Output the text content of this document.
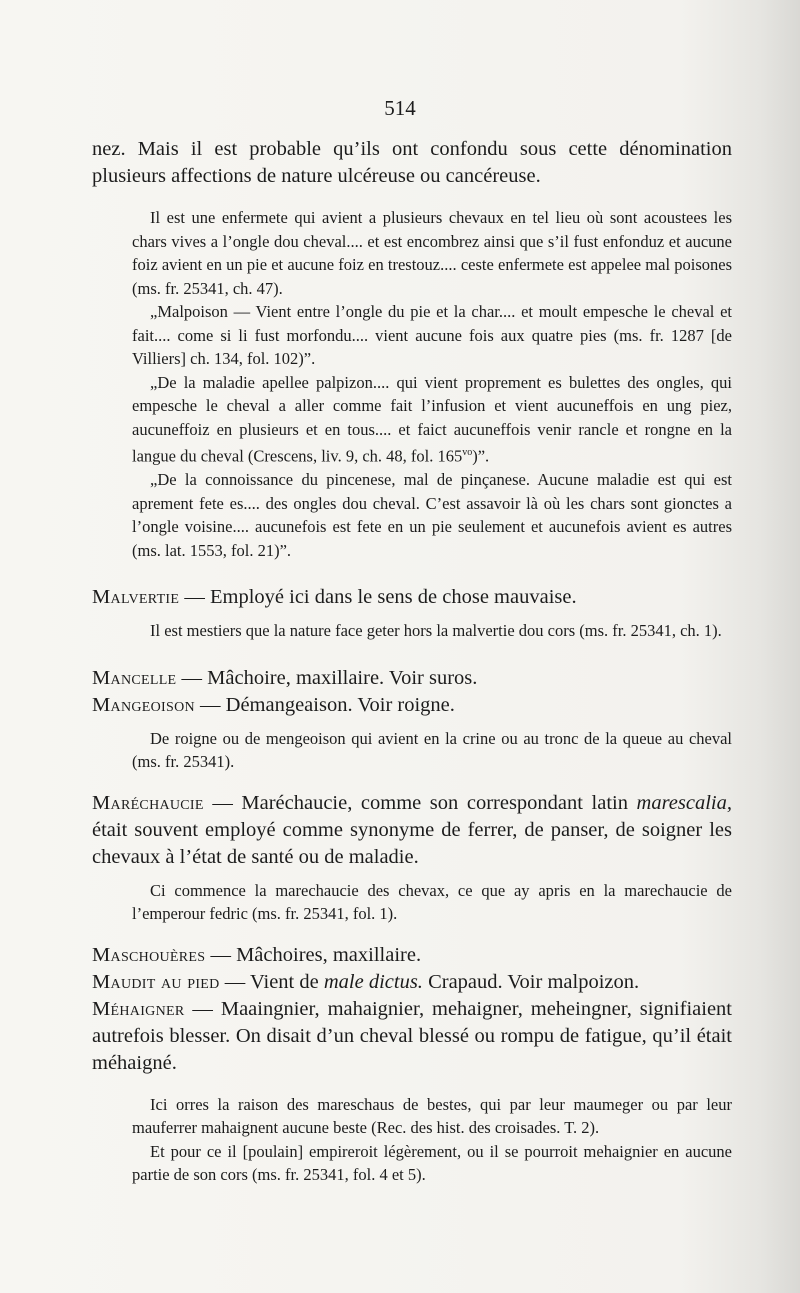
514

nez. Mais il est probable qu’ils ont confondu sous cette dénomination plusieurs affections de nature ulcéreuse ou cancéreuse.

Il est une enfermete qui avient a plusieurs chevaux en tel lieu où sont acoustees les chars vives a l’ongle dou cheval.... et est encombrez ainsi que s’il fust enfonduz et aucune foiz avient en un pie et aucune foiz en trestouz.... ceste enfermete est appelee mal poisones (ms. fr. 25341, ch. 47).

„Malpoison — Vient entre l’ongle du pie et la char.... et moult empesche le cheval et fait.... come si li fust morfondu.... vient aucune fois aux quatre pies (ms. fr. 1287 [de Villiers] ch. 134, fol. 102)”.

„De la maladie apellee palpizon.... qui vient proprement es bulettes des ongles, qui empesche le cheval a aller comme fait l’infusion et vient aucuneffois en ung piez, aucuneffoiz en plusieurs et en tous.... et faict aucuneffois venir rancle et rongne en la langue du cheval (Crescens, liv. 9, ch. 48, fol. $165^{vo}$)”.

„De la connoissance du pincenese, mal de pinçanese. Aucune maladie est qui est aprement fete es.... des ongles dou cheval. C’est assavoir là où les chars sont gionctes a l’ongle voisine.... aucunefois est fete en un pie seulement et aucunefois avient es autres (ms. lat. 1553, fol. 21)”.

Malvertie — Employé ici dans le sens de chose mauvaise.

Il est mestiers que la nature face geter hors la malvertie dou cors (ms. fr. 25341, ch. 1).

Mancelle — Mâchoire, maxillaire. Voir suros.

Mangeoison — Démangeaison. Voir roigne.

De roigne ou de mengeoison qui avient en la crine ou au tronc de la queue au cheval (ms. fr. 25341).

Maréchaucie — Maréchaucie, comme son correspondant latin marescalia, était souvent employé comme synonyme de ferrer, de panser, de soigner les chevaux à l’état de santé ou de maladie.

Ci commence la marechaucie des chevax, ce que ay apris en la marechaucie de l’emperour fedric (ms. fr. 25341, fol. 1).

Maschouères — Mâchoires, maxillaire.

Maudit au pied — Vient de male dictus. Crapaud. Voir malpoizon.

Méhaigner — Maaingnier, mahaignier, mehaigner, meheingner, signifiaient autrefois blesser. On disait d’un cheval blessé ou rompu de fatigue, qu’il était méhaigné.

Ici orres la raison des mareschaus de bestes, qui par leur maumeger ou par leur mauferrer mahaignent aucune beste (Rec. des hist. des croisades. T. 2).

Et pour ce il [poulain] empireroit légèrement, ou il se pourroit mehaignier en aucune partie de son cors (ms. fr. 25341, fol. 4 et 5).
